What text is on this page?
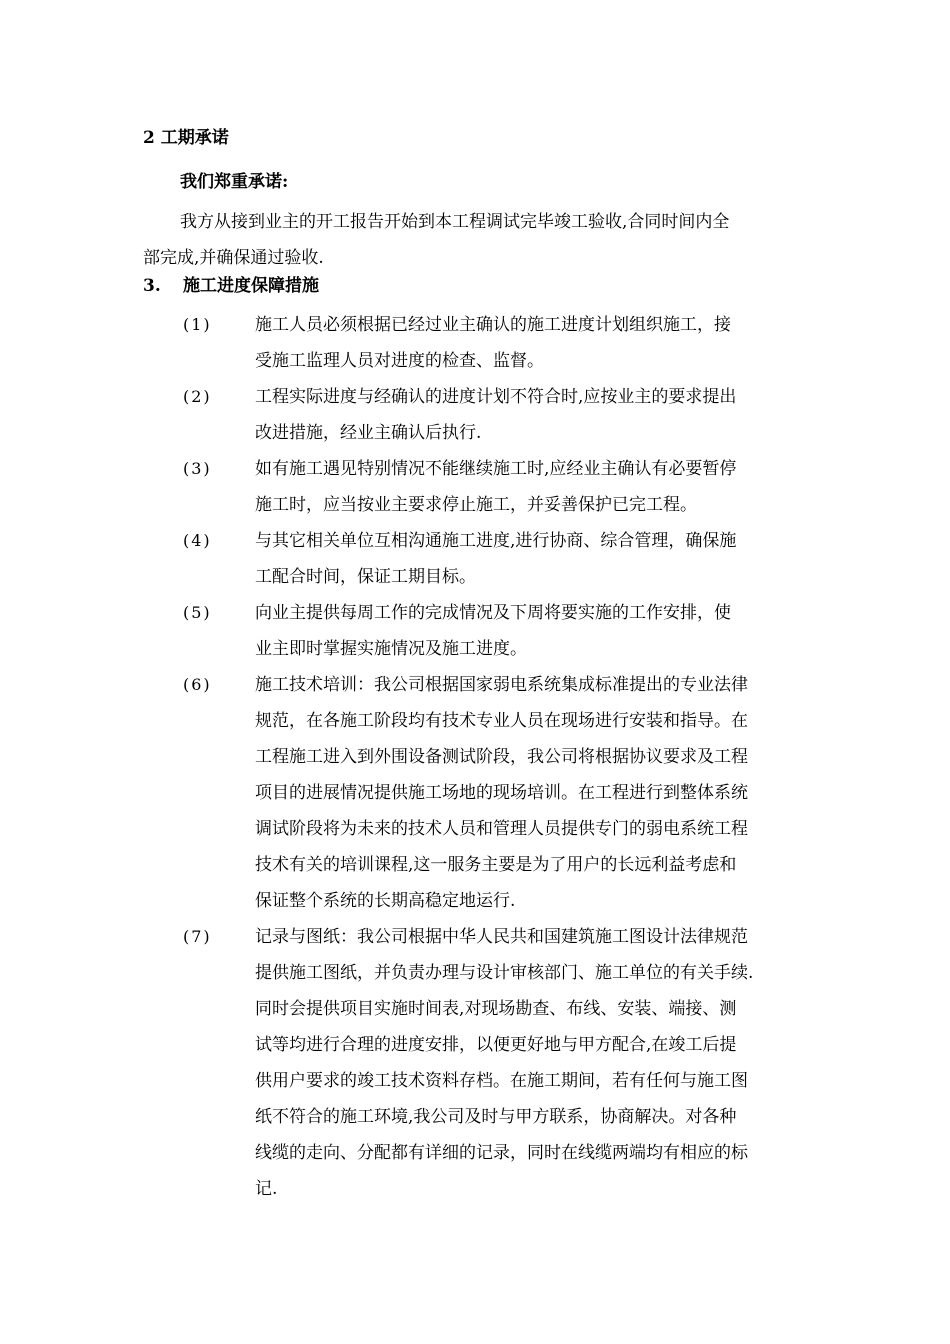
2 工期承诺
我们郑重承诺:
我方从接到业主的开工报告开始到本工程调试完毕竣工验收,合同时间内全
部完成,并确保通过验收.
3. 施工进度保障措施
(1)	施工人员必须根据已经过业主确认的施工进度计划组织施工，接
受施工监理人员对进度的检查、监督。
(2)	工程实际进度与经确认的进度计划不符合时,应按业主的要求提出
改进措施，经业主确认后执行.
(3)	如有施工遇见特别情况不能继续施工时,应经业主确认有必要暂停
施工时，应当按业主要求停止施工，并妥善保护已完工程。
(4)	与其它相关单位互相沟通施工进度,进行协商、综合管理，确保施
工配合时间，保证工期目标。
(5)	向业主提供每周工作的完成情况及下周将要实施的工作安排，使
业主即时掌握实施情况及施工进度。
(6)	施工技术培训：我公司根据国家弱电系统集成标准提出的专业法律
规范，在各施工阶段均有技术专业人员在现场进行安装和指导。在
工程施工进入到外围设备测试阶段，我公司将根据协议要求及工程
项目的进展情况提供施工场地的现场培训。在工程进行到整体系统
调试阶段将为未来的技术人员和管理人员提供专门的弱电系统工程
技术有关的培训课程,这一服务主要是为了用户的长远利益考虑和
保证整个系统的长期高稳定地运行.
(7)	记录与图纸：我公司根据中华人民共和国建筑施工图设计法律规范
提供施工图纸，并负责办理与设计审核部门、施工单位的有关手续.
同时会提供项目实施时间表,对现场勘查、布线、安装、端接、测
试等均进行合理的进度安排，以便更好地与甲方配合,在竣工后提
供用户要求的竣工技术资料存档。在施工期间，若有任何与施工图
纸不符合的施工环境,我公司及时与甲方联系，协商解决。对各种
线缆的走向、分配都有详细的记录，同时在线缆两端均有相应的标
记.
